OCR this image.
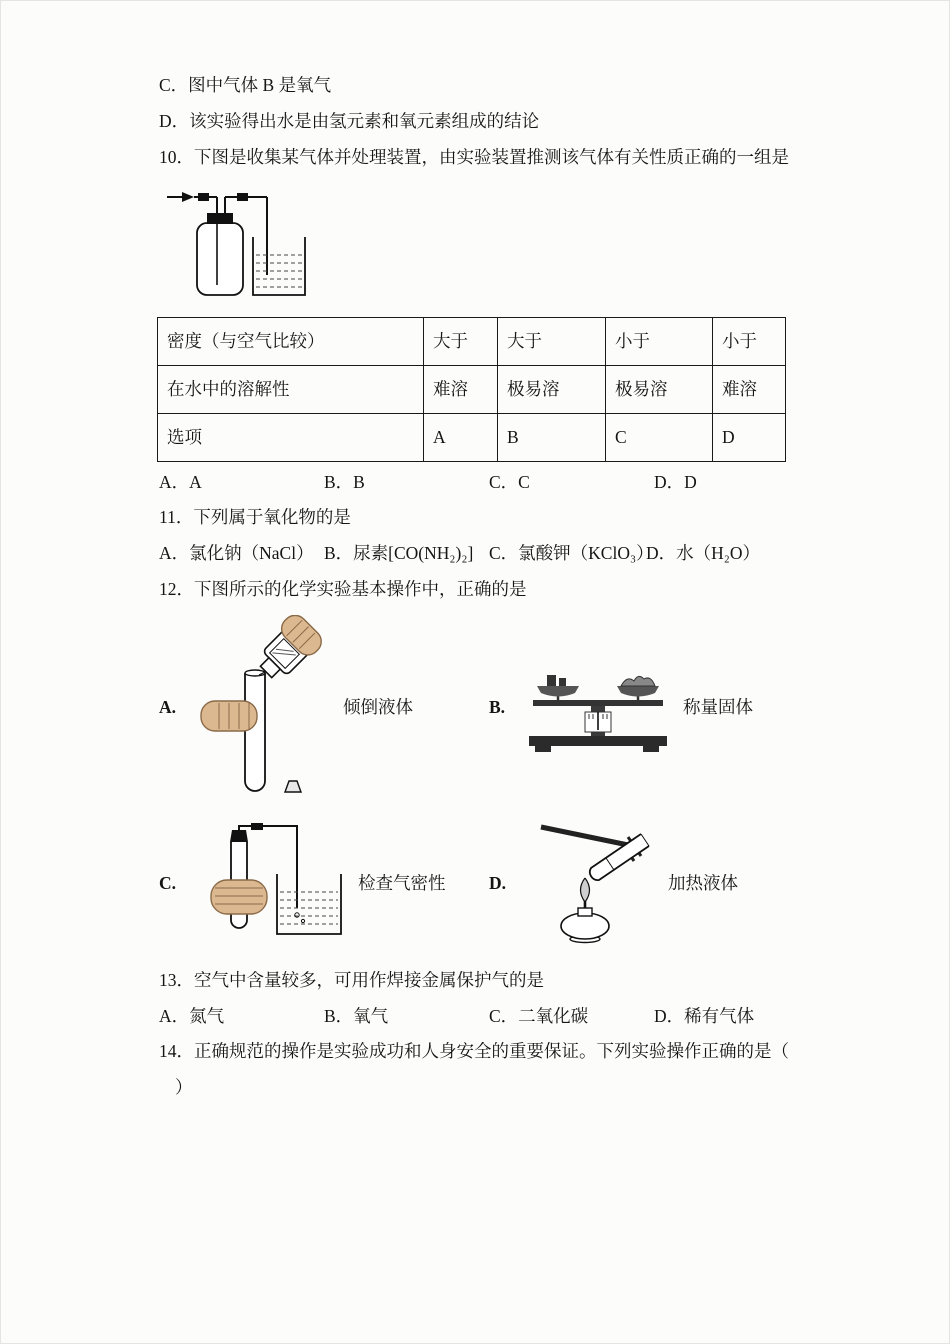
C．图中气体 B 是氧气
D．该实验得出水是由氢元素和氧元素组成的结论
10．下图是收集某气体并处理装置，由实验装置推测该气体有关性质正确的一组是
密度（与空气比较）	大于	大于	小于	小于
在水中的溶解性	难溶	极易溶	极易溶	难溶
选项	A	B	C	D
A．A	B．B	C．C	D．D
11．下列属于氧化物的是
A．氯化钠（NaCl） B．尿素[CO(NH₂)₂] C．氯酸钾（KClO₃）
D．水（H₂O）
12．下图所示的化学实验基本操作中，正确的是
A.	倾倒液体	B.	称量固体
C.	检查气密性 D.	加热液体
13．空气中含量较多，可用作焊接金属保护气的是
A．氮气	B．氧气	C．二氧化碳	D．稀有气体
14．正确规范的操作是实验成功和人身安全的重要保证。下列实验操作正确的是（
）
